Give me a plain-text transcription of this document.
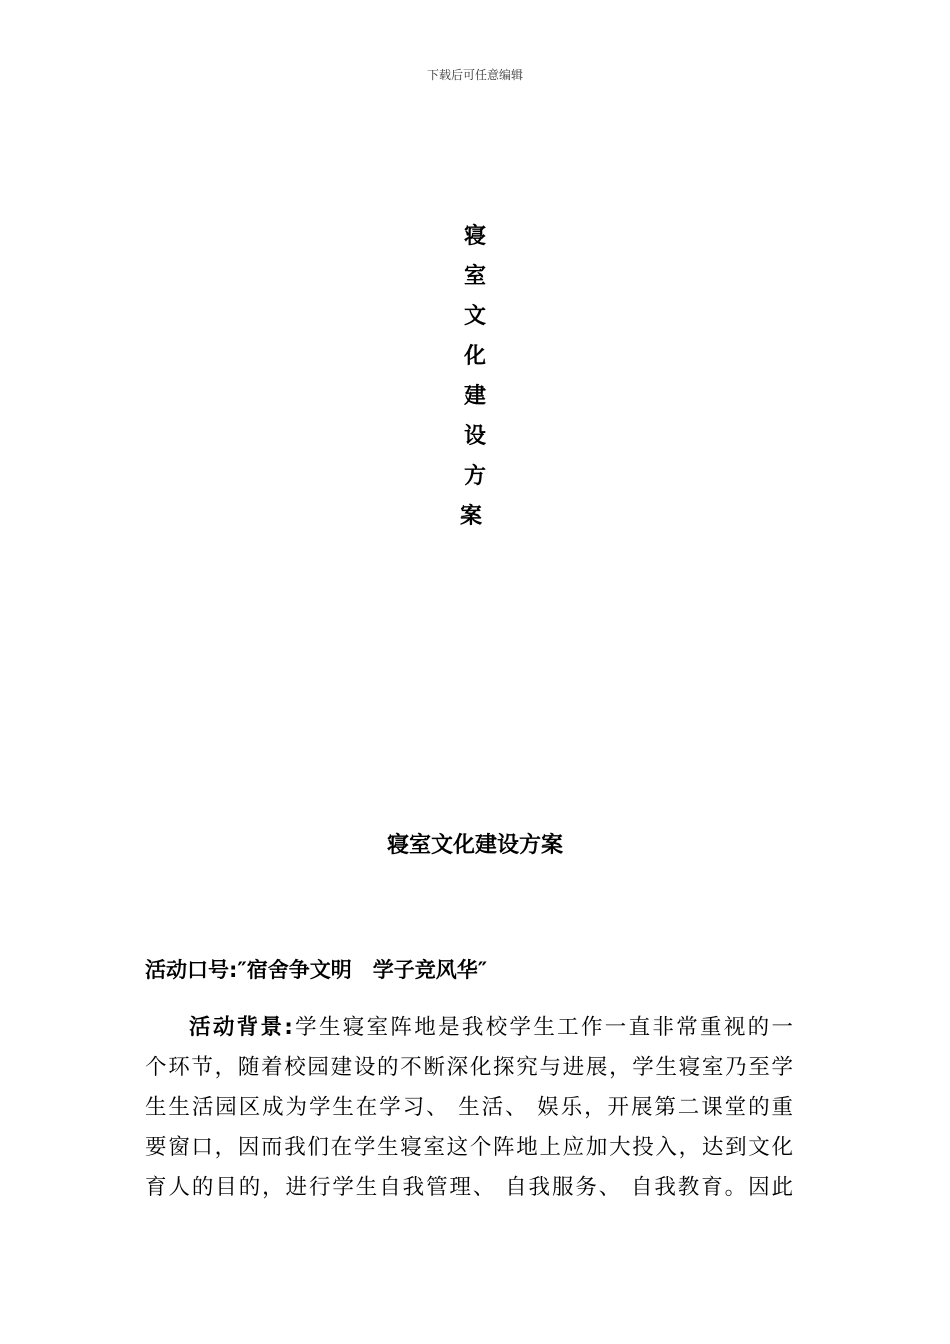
下载后可任意编辑
寝
室
文
化
建
设
方
案
寝室文化建设方案
活动口号:″宿舍争文明　学子竞风华″
活动背景:学生寝室阵地是我校学生工作一直非常重视的一
个环节，随着校园建设的不断深化探究与进展，学生寝室乃至学
生生活园区成为学生在学习、 生活、 娱乐，开展第二课堂的重
要窗口，因而我们在学生寝室这个阵地上应加大投入，达到文化
育人的目的，进行学生自我管理、 自我服务、 自我教育。因此
